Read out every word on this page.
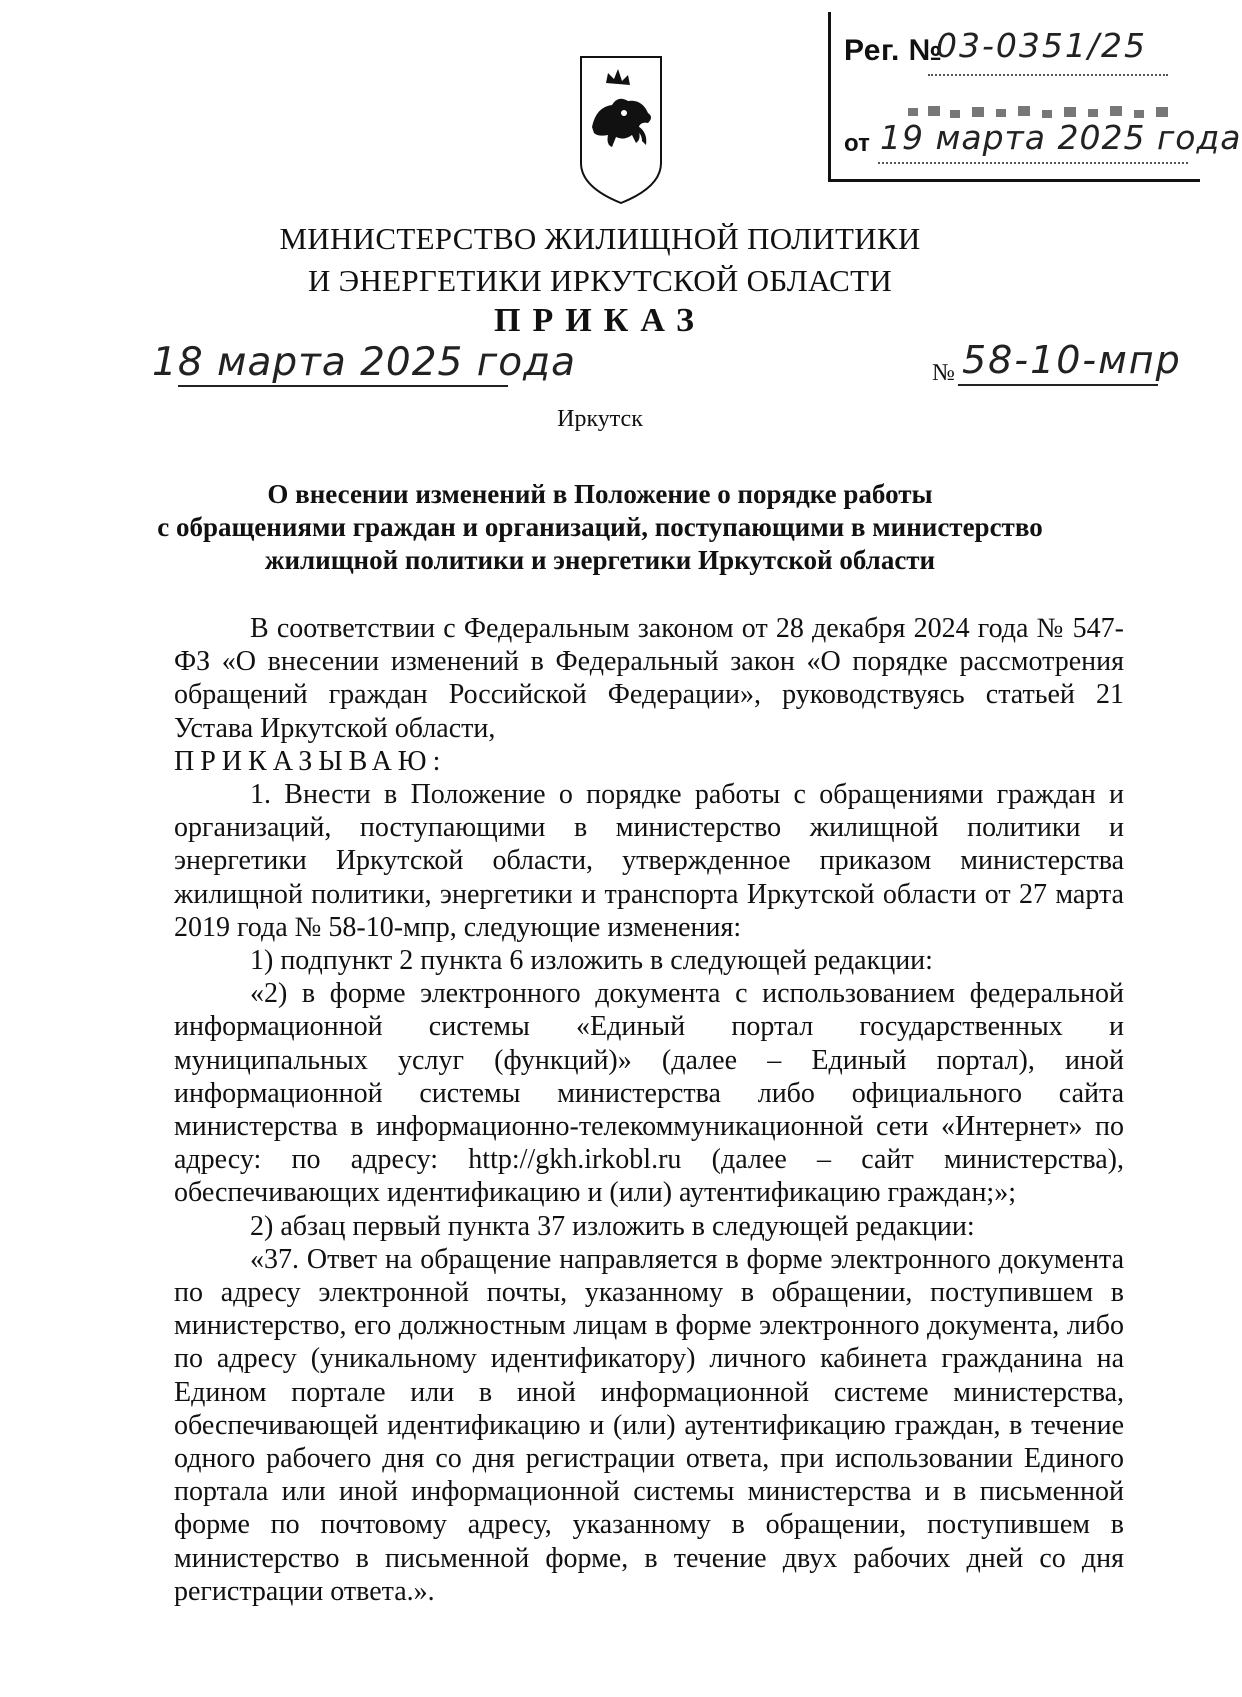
Рег. №
03-0351/25
от 19 марта 2025 года
МИНИСТЕРСТВО ЖИЛИЩНОЙ ПОЛИТИКИ
И ЭНЕРГЕТИКИ ИРКУТСКОЙ ОБЛАСТИ
ПРИКАЗ
18 марта 2025 года	№ 58-10-мпр
Иркутск
О внесении изменений в Положение о порядке работы
с обращениями граждан и организаций, поступающими в министерство
жилищной политики и энергетики Иркутской области

В соответствии с Федеральным законом от 28 декабря 2024 года № 547-ФЗ «О внесении изменений в Федеральный закон «О порядке рассмотрения обращений граждан Российской Федерации», руководствуясь статьей 21 Устава Иркутской области,

ПРИКАЗЫВАЮ:

1. Внести в Положение о порядке работы с обращениями граждан и организаций, поступающими в министерство жилищной политики и энергетики Иркутской области, утвержденное приказом министерства жилищной политики, энергетики и транспорта Иркутской области от 27 марта 2019 года № 58-10-мпр, следующие изменения:

1) подпункт 2 пункта 6 изложить в следующей редакции:

«2) в форме электронного документа с использованием федеральной информационной системы «Единый портал государственных и муниципальных услуг (функций)» (далее – Единый портал), иной информационной системы министерства либо официального сайта министерства в информационно-телекоммуникационной сети «Интернет» по адресу: по адресу: http://gkh.irkobl.ru (далее – сайт министерства), обеспечивающих идентификацию и (или) аутентификацию граждан;»;

2) абзац первый пункта 37 изложить в следующей редакции:

«37. Ответ на обращение направляется в форме электронного документа по адресу электронной почты, указанному в обращении, поступившем в министерство, его должностным лицам в форме электронного документа, либо по адресу (уникальному идентификатору) личного кабинета гражданина на Едином портале или в иной информационной системе министерства, обеспечивающей идентификацию и (или) аутентификацию граждан, в течение одного рабочего дня со дня регистрации ответа, при использовании Единого портала или иной информационной системы министерства и в письменной форме по почтовому адресу, указанному в обращении, поступившем в министерство в письменной форме, в течение двух рабочих дней со дня регистрации ответа.».
